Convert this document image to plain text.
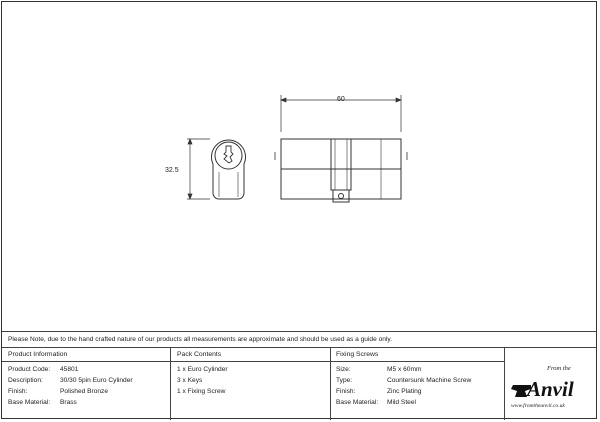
32.5
60
Please Note, due to the hand crafted nature of our products all measurements are approximate and should be used as a guide only.
Product Information
Product Code: 45801
Description:	30/30 5pin Euro Cylinder
Finish:	Polished Bronze
Base Material: Brass
Pack Contents
1 x Euro Cylinder
3 x Keys
1 x Fixing Screw
Fixing Screws
Size:	M5 x 60mm
Type:	Countersunk Machine Screw
Finish:	Zinc Plating
Base Material: Mild Steel
From the
Anvil
www.fromtheanvil.co.uk
